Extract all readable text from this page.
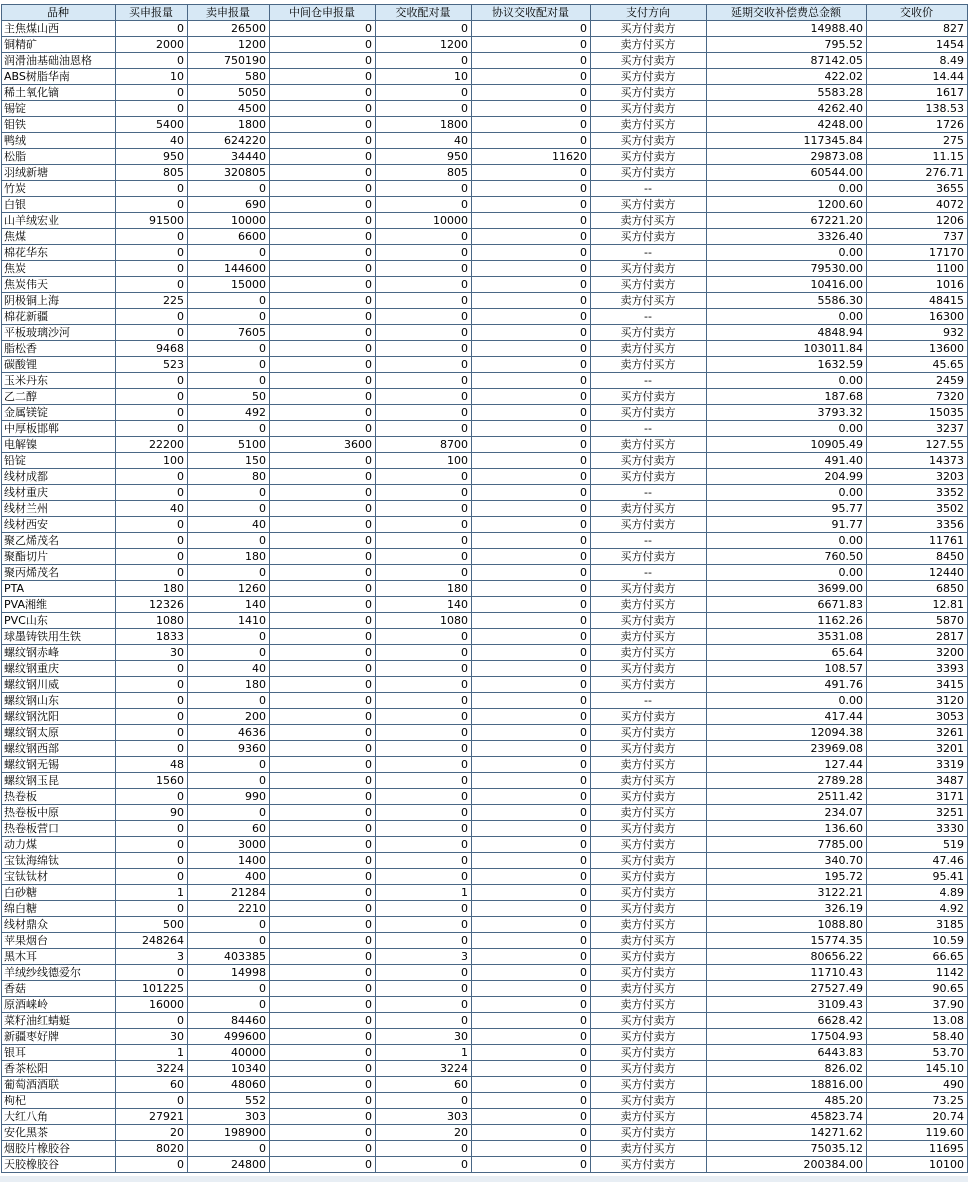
品种	买申报量	卖申报量	中间仓申报量	交收配对量	协议交收配对量	支付方向	延期交收补偿费总金额	交收价
主焦煤山西	0	26500	0	0	0	买方付卖方	14988.40	827
铜精矿	2000	1200	0	1200	0	卖方付买方	795.52	1454
润滑油基础油恩格	0	750190	0	0	0	买方付卖方	87142.05	8.49
ABS树脂华南	10	580	0	10	0	买方付卖方	422.02	14.44
稀土氧化镝	0	5050	0	0	0	买方付卖方	5583.28	1617
锡锭	0	4500	0	0	0	买方付卖方	4262.40	138.53
钼铁	5400	1800	0	1800	0	卖方付买方	4248.00	1726
鸭绒	40	624220	0	40	0	买方付卖方	117345.84	275
松脂	950	34440	0	950	11620	买方付卖方	29873.08	11.15
羽绒新塘	805	320805	0	805	0	买方付卖方	60544.00	276.71
竹炭	0	0	0	0	0	--	0.00	3655
白银	0	690	0	0	0	买方付卖方	1200.60	4072
山羊绒宏业	91500	10000	0	10000	0	卖方付买方	67221.20	1206
焦煤	0	6600	0	0	0	买方付卖方	3326.40	737
棉花华东	0	0	0	0	0	--	0.00	17170
焦炭	0	144600	0	0	0	买方付卖方	79530.00	1100
焦炭伟天	0	15000	0	0	0	买方付卖方	10416.00	1016
阴极铜上海	225	0	0	0	0	卖方付买方	5586.30	48415
棉花新疆	0	0	0	0	0	--	0.00	16300
平板玻璃沙河	0	7605	0	0	0	买方付卖方	4848.94	932
脂松香	9468	0	0	0	0	卖方付买方	103011.84	13600
碳酸锂	523	0	0	0	0	卖方付买方	1632.59	45.65
玉米丹东	0	0	0	0	0	--	0.00	2459
乙二醇	0	50	0	0	0	买方付卖方	187.68	7320
金属镁锭	0	492	0	0	0	买方付卖方	3793.32	15035
中厚板邯郸	0	0	0	0	0	--	0.00	3237
电解镍	22200	5100	3600	8700	0	卖方付买方	10905.49	127.55
铅锭	100	150	0	100	0	买方付卖方	491.40	14373
线材成都	0	80	0	0	0	买方付卖方	204.99	3203
线材重庆	0	0	0	0	0	--	0.00	3352
线材兰州	40	0	0	0	0	卖方付买方	95.77	3502
线材西安	0	40	0	0	0	买方付卖方	91.77	3356
聚乙烯茂名	0	0	0	0	0	--	0.00	11761
聚酯切片	0	180	0	0	0	买方付卖方	760.50	8450
聚丙烯茂名	0	0	0	0	0	--	0.00	12440
PTA	180	1260	0	180	0	买方付卖方	3699.00	6850
PVA湘维	12326	140	0	140	0	卖方付买方	6671.83	12.81
PVC山东	1080	1410	0	1080	0	买方付卖方	1162.26	5870
球墨铸铁用生铁	1833	0	0	0	0	卖方付买方	3531.08	2817
螺纹钢赤峰	30	0	0	0	0	卖方付买方	65.64	3200
螺纹钢重庆	0	40	0	0	0	买方付卖方	108.57	3393
螺纹钢川威	0	180	0	0	0	买方付卖方	491.76	3415
螺纹钢山东	0	0	0	0	0	--	0.00	3120
螺纹钢沈阳	0	200	0	0	0	买方付卖方	417.44	3053
螺纹钢太原	0	4636	0	0	0	买方付卖方	12094.38	3261
螺纹钢西部	0	9360	0	0	0	买方付卖方	23969.08	3201
螺纹钢无锡	48	0	0	0	0	卖方付买方	127.44	3319
螺纹钢玉昆	1560	0	0	0	0	卖方付买方	2789.28	3487
热卷板	0	990	0	0	0	买方付卖方	2511.42	3171
热卷板中原	90	0	0	0	0	卖方付买方	234.07	3251
热卷板营口	0	60	0	0	0	买方付卖方	136.60	3330
动力煤	0	3000	0	0	0	买方付卖方	7785.00	519
宝钛海绵钛	0	1400	0	0	0	买方付卖方	340.70	47.46
宝钛钛材	0	400	0	0	0	买方付卖方	195.72	95.41
白砂糖	1	21284	0	1	0	买方付卖方	3122.21	4.89
绵白糖	0	2210	0	0	0	买方付卖方	326.19	4.92
线材鼎众	500	0	0	0	0	卖方付买方	1088.80	3185
苹果烟台	248264	0	0	0	0	卖方付买方	15774.35	10.59
黑木耳	3	403385	0	3	0	买方付卖方	80656.22	66.65
羊绒纱线德爱尔	0	14998	0	0	0	买方付卖方	11710.43	1142
香菇	101225	0	0	0	0	卖方付买方	27527.49	90.65
原酒崃岭	16000	0	0	0	0	卖方付买方	3109.43	37.90
菜籽油红蜻蜓	0	84460	0	0	0	买方付卖方	6628.42	13.08
新疆枣好牌	30	499600	0	30	0	买方付卖方	17504.93	58.40
银耳	1	40000	0	1	0	买方付卖方	6443.83	53.70
香茶松阳	3224	10340	0	3224	0	买方付卖方	826.02	145.10
葡萄酒酒联	60	48060	0	60	0	买方付卖方	18816.00	490
枸杞	0	552	0	0	0	买方付卖方	485.20	73.25
大红八角	27921	303	0	303	0	卖方付买方	45823.74	20.74
安化黑茶	20	198900	0	20	0	买方付卖方	14271.62	119.60
烟胶片橡胶谷	8020	0	0	0	0	卖方付买方	75035.12	11695
天胶橡胶谷	0	24800	0	0	0	买方付卖方	200384.00	10100
